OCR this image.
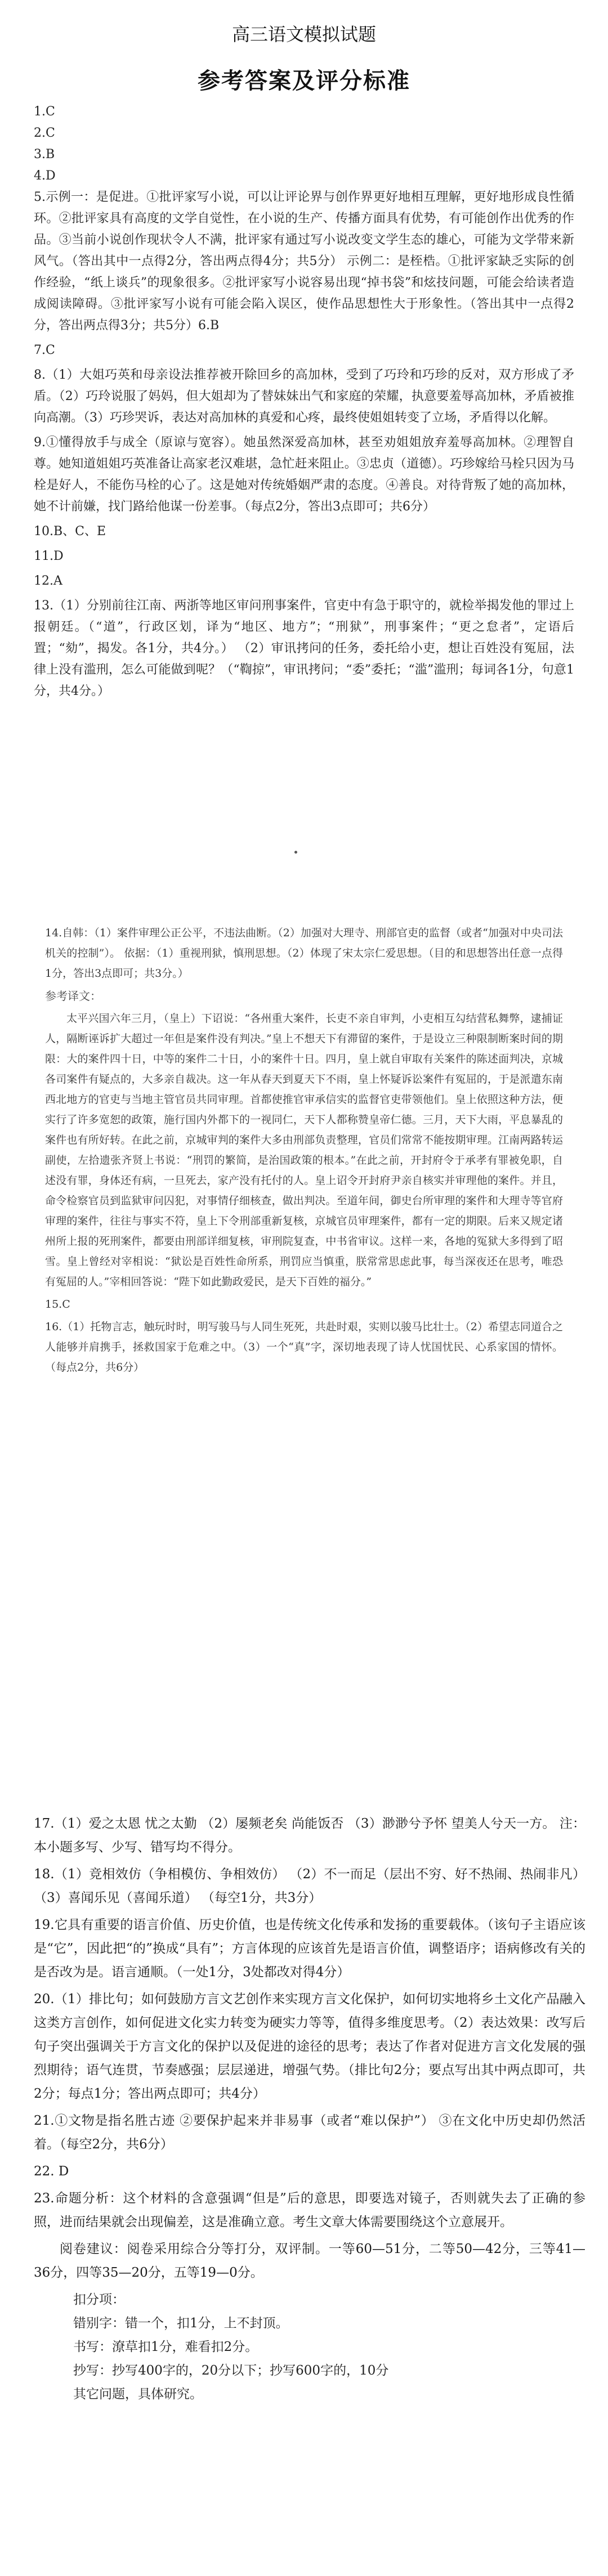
高三语文模拟试题
参考答案及评分标准
1.C
2.C
3.B
4.D

5.示例一：是促进。①批评家写小说，可以让评论界与创作界更好地相互理解，更好地形成良性循环。②批评家具有高度的文学自觉性，在小说的生产、传播方面具有优势，有可能创作出优秀的作品。③当前小说创作现状令人不满，批评家有通过写小说改变文学生态的雄心，可能为文学带来新风气。（答出其中一点得2分，答出两点得4分；共5分） 示例二：是桎梏。①批评家缺乏实际的创作经验，“纸上谈兵”的现象很多。②批评家写小说容易出现“掉书袋”和炫技问题，可能会给读者造成阅读障碍。③批评家写小说有可能会陷入误区，使作品思想性大于形象性。（答出其中一点得2分，答出两点得3分；共5分）6.B

7.C

8.（1）大姐巧英和母亲设法推荐被开除回乡的高加林，受到了巧玲和巧珍的反对，双方形成了矛盾。（2）巧玲说服了妈妈，但大姐却为了替妹妹出气和家庭的荣耀，执意要羞辱高加林，矛盾被推向高潮。（3）巧珍哭诉，表达对高加林的真爱和心疼，最终使姐姐转变了立场，矛盾得以化解。

9.①懂得放手与成全（原谅与宽容）。她虽然深爱高加林，甚至劝姐姐放弃羞辱高加林。②理智自尊。她知道姐姐巧英准备让高家老汉难堪，急忙赶来阻止。③忠贞（道德）。巧珍嫁给马栓只因为马栓是好人，不能伤马栓的心了。这是她对传统婚姻严肃的态度。④善良。对待背叛了她的高加林，她不计前嫌，找门路给他谋一份差事。（每点2分，答出3点即可；共6分）

10.B、C、E

11.D

12.A

13.（1）分别前往江南、两浙等地区审问刑事案件，官吏中有急于职守的，就检举揭发他的罪过上报朝廷。（“道”，行政区划，译为“地区、地方”；“刑狱”，刑事案件；“更之怠者”，定语后置；“劾”，揭发。各1分，共4分。） （2）审讯拷问的任务，委托给小吏，想让百姓没有冤屈，法律上没有滥刑，怎么可能做到呢？（“鞫掠”，审讯拷问；“委”委托；“滥”滥刑；每词各1分，句意1分，共4分。）

14.自韩：（1）案件审理公正公平，不违法曲断。（2）加强对大理寺、刑部官吏的监督（或者“加强对中央司法机关的控制”）。 依据：（1）重视刑狱，慎刑思想。（2）体现了宋太宗仁爱思想。（目的和思想答出任意一点得1分，答出3点即可；共3分。）

参考译文：

太平兴国六年三月，（皇上）下诏说：“各州重大案件，长吏不亲自审判，小吏相互勾结营私舞弊，逮捕证人，隔断诬诉扩大超过一年但是案件没有判决。”皇上不想天下有滞留的案件，于是设立三种限制断案时间的期限：大的案件四十日，中等的案件二十日，小的案件十日。四月，皇上就自审取有关案件的陈述面判决，京城各司案件有疑点的，大多亲自裁决。这一年从春天到夏天下不雨，皇上怀疑诉讼案件有冤屈的，于是派遣东南西北地方的官吏与当地主管官员共同审理。首都使推官审承信实的监督官吏带领他们。皇上依照这种方法，便实行了许多宽恕的政策，施行国内外都下的一视同仁，天下人都称赞皇帝仁德。三月，天下大雨，平息暴乱的案件也有所好转。在此之前，京城审判的案件大多由刑部负责整理，官员们常常不能按期审理。江南两路转运副使，左拾遗张齐贤上书说：“刑罚的繁简，是治国政策的根本。”在此之前，开封府令于承孝有罪被免职，自述没有罪，身体还有病，一旦死去，家产没有托付的人。皇上诏令开封府尹亲自核实并审理他的案件。并且，命令检察官员到监狱审问囚犯，对事情仔细核查，做出判决。至道年间，御史台所审理的案件和大理寺等官府审理的案件，往往与事实不符，皇上下令刑部重新复核，京城官员审理案件，都有一定的期限。后来又规定诸州所上报的死刑案件，都要由刑部详细复核，审刑院复查，中书省审议。这样一来，各地的冤狱大多得到了昭雪。皇上曾经对宰相说：“狱讼是百姓性命所系，刑罚应当慎重，朕常常思虑此事，每当深夜还在思考，唯恐有冤屈的人。”宰相回答说：“陛下如此勤政爱民，是天下百姓的福分。”

15.C

16.（1）托物言志，触玩时时，明写骏马与人同生死死，共赴时艰，实则以骏马比壮士。（2）希望志同道合之人能够并肩携手，拯救国家于危难之中。（3）一个“真”字，深切地表现了诗人忧国忧民、心系家国的情怀。（每点2分，共6分）

17.（1）爱之太恩 忧之太勤 （2）屡频老矣 尚能饭否 （3）渺渺兮予怀 望美人兮天一方。 注：本小题多写、少写、错写均不得分。

18.（1）竞相效仿（争相模仿、争相效仿） （2）不一而足（层出不穷、好不热闹、热闹非凡） （3）喜闻乐见（喜闻乐道） （每空1分，共3分）

19.它具有重要的语言价值、历史价值，也是传统文化传承和发扬的重要载体。（该句子主语应该是“它”，因此把“的”换成“具有”；方言体现的应该首先是语言价值，调整语序；语病修改有关的是否改为是。语言通顺。（一处1分，3处都改对得4分）

20.（1）排比句；如何鼓励方言文艺创作来实现方言文化保护，如何切实地将乡土文化产品融入这类方言创作，如何促进文化实力转变为硬实力等等，值得多维度思考。（2）表达效果：改写后句子突出强调关于方言文化的保护以及促进的途径的思考；表达了作者对促进方言文化发展的强烈期待；语气连贯，节奏感强；层层递进，增强气势。（排比句2分；要点写出其中两点即可，共2分；每点1分；答出两点即可；共4分）

21.①文物是指名胜古迹 ②要保护起来并非易事（或者“难以保护”） ③在文化中历史却仍然活着。（每空2分，共6分）

22. D

23.命题分析：这个材料的含意强调“但是”后的意思，即要选对镜子，否则就失去了正确的参照，进而结果就会出现偏差，这是准确立意。考生文章大体需要围绕这个立意展开。

阅卷建议：阅卷采用综合分等打分，双评制。一等60—51分，二等50—42分，三等41—36分，四等35—20分，五等19—0分。

扣分项：

错别字：错一个，扣1分，上不封顶。

书写：潦草扣1分，难看扣2分。

抄写：抄写400字的，20分以下；抄写600字的，10分

其它问题，具体研究。
